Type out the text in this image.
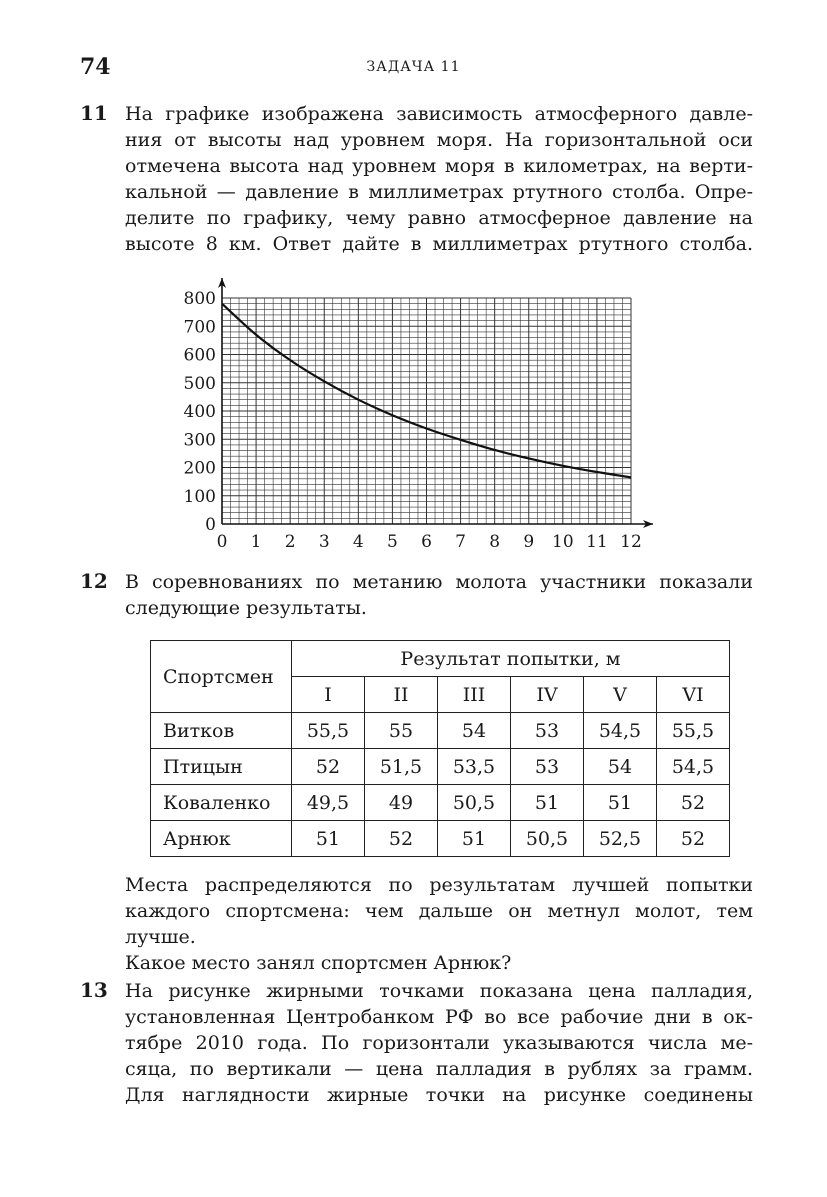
74	ЗАДАЧА 11
11 На графике изображена зависимость атмосферного давле-
ния от высоты над уровнем моря. На горизонтальной оси
отмечена высота над уровнем моря в километрах, на верти-
кальной — давление в миллиметрах ртутного столба. Опре-
делите по графику, чему равно атмосферное давление на
высоте 8 км. Ответ дайте в миллиметрах ртутного столба.
0
100
200
300
400
500
600
700
800
0 1 2 3 4 5 6 7 8 9 10 11 12
12 В соревнованиях по метанию молота участники показали
следующие результаты.
Спортсмен	Результат попытки, м					
	I	II	III	IV	V	VI
Витков	55,5	55	54	53	54,5	55,5
Птицын	52	51,5	53,5	53	54	54,5
Коваленко	49,5	49	50,5	51	51	52
Арнюк	51	52	51	50,5	52,5	52
Места распределяются по результатам лучшей попытки
каждого спортсмена: чем дальше он метнул молот, тем
лучше.
Какое место занял спортсмен Арнюк?
13 На рисунке жирными точками показана цена палладия,
установленная Центробанком РФ во все рабочие дни в ок-
тябре 2010 года. По горизонтали указываются числа ме-
сяца, по вертикали — цена палладия в рублях за грамм.
Для наглядности жирные точки на рисунке соединены
